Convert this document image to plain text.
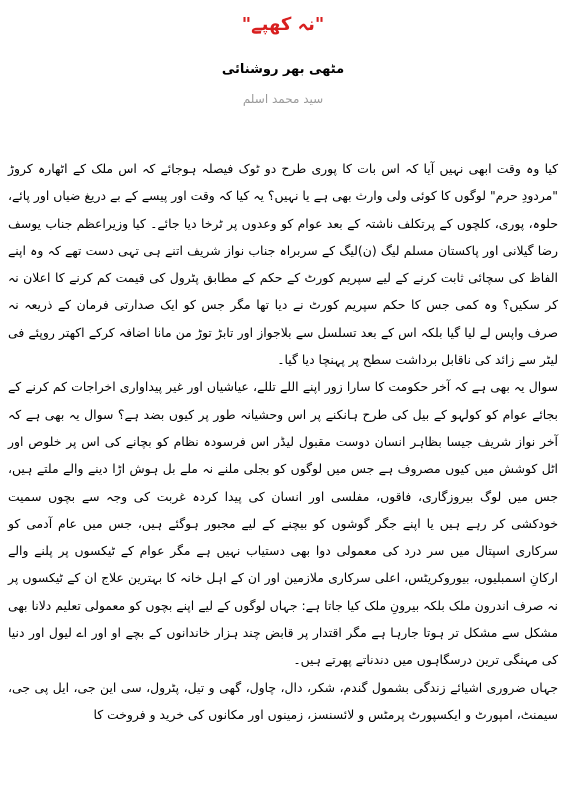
"نہ کھپے"
مٹھی بھر روشنائی
سید محمد اسلم

کیا وہ وقت ابھی نہیں آیا کہ اس بات کا پوری طرح دو ٹوک فیصلہ ہوجائے کہ اس ملک کے اٹھارہ کروڑ "مردودِ حرم" لوگوں کا کوئی ولی وارث بھی ہے یا نہیں؟ یہ کیا کہ وقت اور پیسے کے بے دریغ ضیاں اور پائے، حلوہ، پوری، کلچوں کے پرتکلف ناشتہ کے بعد عوام کو وعدوں پر ٹرخا دیا جائے۔ کیا وزیراعظم جناب یوسف رضا گیلانی اور پاکستان مسلم لیگ (ن)لیگ کے سربراہ جناب نواز شریف اتنے ہی تہی دست تھے کہ وہ اپنے الفاظ کی سچائی ثابت کرنے کے لیے سپریم کورٹ کے حکم کے مطابق پٹرول کی قیمت کم کرنے کا اعلان نہ کر سکیں؟ وہ کمی جس کا حکم سپریم کورٹ نے دیا تھا مگر جس کو ایک صدارتی فرمان کے ذریعہ نہ صرف واپس لے لیا گیا بلکہ اس کے بعد تسلسل سے بلاجواز اور تابڑ توڑ من مانا اضافہ کرکے اکھتر روپئے فی لیٹر سے زائد کی ناقابل برداشت سطح پر پہنچا دیا گیا۔

سوال یہ بھی ہے کہ آخر حکومت کا سارا زور اپنے اللے تللے، عیاشیاں اور غیر پیداواری اخراجات کم کرنے کے بجائے عوام کو کولہو کے بیل کی طرح ہانکنے پر اس وحشیانہ طور پر کیوں بضد ہے؟ سوال یہ بھی ہے کہ آخر نواز شریف جیسا بظاہر انسان دوست مقبول لیڈر اس فرسودہ نظام کو بچانے کی اس پر خلوص اور اٹل کوشش میں کیوں مصروف ہے جس میں لوگوں کو بجلی ملنے نہ ملے بل ہوش اڑا دینے والے ملتے ہیں، جس میں لوگ بیروزگاری، فاقوں، مفلسی اور انسان کی پیدا کردہ غربت کی وجہ سے بچوں سمیت خودکشی کر رہے ہیں یا اپنے جگر گوشوں کو بیچنے کے لیے مجبور ہوگئے ہیں، جس میں عام آدمی کو سرکاری اسپتال میں سر درد کی معمولی دوا بھی دستیاب نہیں ہے مگر عوام کے ٹیکسوں پر پلنے والے ارکانِ اسمبلیوں، بیوروکریٹس، اعلی سرکاری ملازمین اور ان کے اہل خانہ کا بہترین علاج ان کے ٹیکسوں پر نہ صرف اندرون ملک بلکہ بیرونِ ملک کیا جاتا ہے: جہاں لوگوں کے لیے اپنے بچوں کو معمولی تعلیم دلانا بھی مشکل سے مشکل تر ہوتا جارہا ہے مگر اقتدار پر قابض چند ہزار خاندانوں کے بچے او اور اے لیول اور دنیا کی مہنگی ترین درسگاہوں میں دندناتے پھرتے ہیں۔

جہاں ضروری اشیائے زندگی بشمول گندم، شکر، دال، چاول، گھی و تیل، پٹرول، سی این جی، ایل پی جی، سیمنٹ، امپورٹ و ایکسپورٹ پرمٹس و لائسنسز، زمینوں اور مکانوں کی خرید و فروخت کا
